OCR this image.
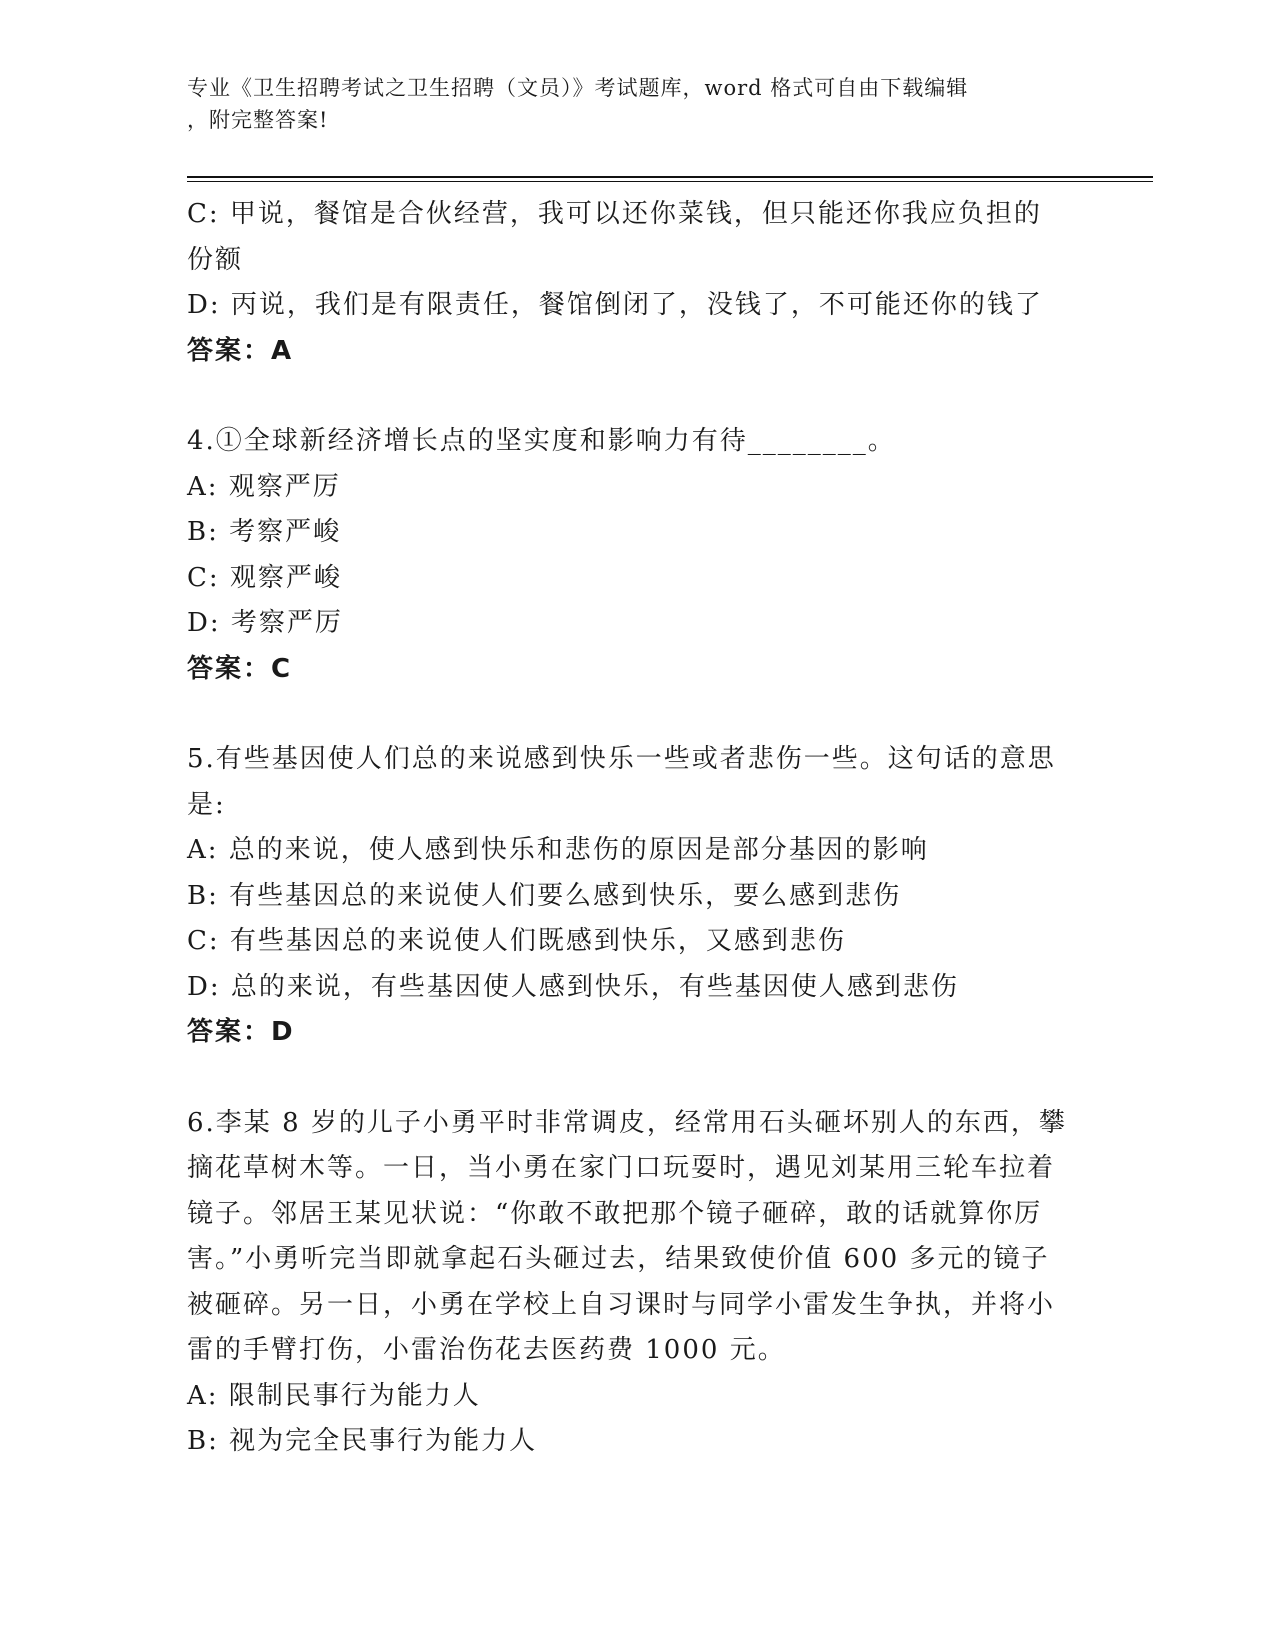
专业《卫生招聘考试之卫生招聘（文员）》考试题库，word 格式可自由下载编辑
，附完整答案!
C: 甲说，餐馆是合伙经营，我可以还你菜钱，但只能还你我应负担的份额
D: 丙说，我们是有限责任，餐馆倒闭了，没钱了，不可能还你的钱了
答案：A
4.①全球新经济增长点的坚实度和影响力有待________。
A: 观察严厉
B: 考察严峻
C: 观察严峻
D: 考察严厉
答案：C
5.有些基因使人们总的来说感到快乐一些或者悲伤一些。这句话的意思是:
A: 总的来说，使人感到快乐和悲伤的原因是部分基因的影响
B: 有些基因总的来说使人们要么感到快乐，要么感到悲伤
C: 有些基因总的来说使人们既感到快乐，又感到悲伤
D: 总的来说，有些基因使人感到快乐，有些基因使人感到悲伤
答案：D
6.李某 8 岁的儿子小勇平时非常调皮，经常用石头砸坏别人的东西，攀摘花草树木等。一日，当小勇在家门口玩耍时，遇见刘某用三轮车拉着镜子。邻居王某见状说：“你敢不敢把那个镜子砸碎，敢的话就算你厉害。”小勇听完当即就拿起石头砸过去，结果致使价值 600 多元的镜子被砸碎。另一日，小勇在学校上自习课时与同学小雷发生争执，并将小雷的手臂打伤，小雷治伤花去医药费 1000 元。
A: 限制民事行为能力人
B: 视为完全民事行为能力人
